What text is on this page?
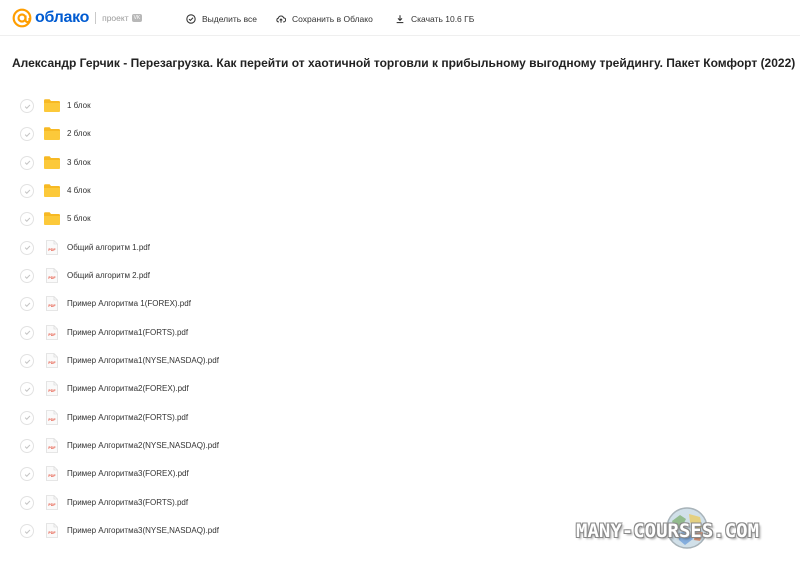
облако проект	VK	Выделить все	Сохранить в Облако	Скачать 10.6 ГБ
Александр Герчик - Перезагрузка. Как перейти от хаотичной торговли к прибыльному выгодному трейдингу. Пакет Комфорт (2022)
1 блок
2 блок
3 блок
4 блок
5 блок
PDF Общий алгоритм 1.pdf
PDF Общий алгоритм 2.pdf
PDF Пример Алгоритма 1(FOREX).pdf
PDF Пример Алгоритма1(FORTS).pdf
PDF Пример Алгоритма1(NYSE,NASDAQ).pdf
PDF Пример Алгоритма2(FOREX).pdf
PDF Пример Алгоритма2(FORTS).pdf
PDF Пример Алгоритма2(NYSE,NASDAQ).pdf
PDF Пример Алгоритма3(FOREX).pdf
PDF Пример Алгоритма3(FORTS).pdf
PDF Пример Алгоритма3(NYSE,NASDAQ).pdf	MANY-COURSES.COM
